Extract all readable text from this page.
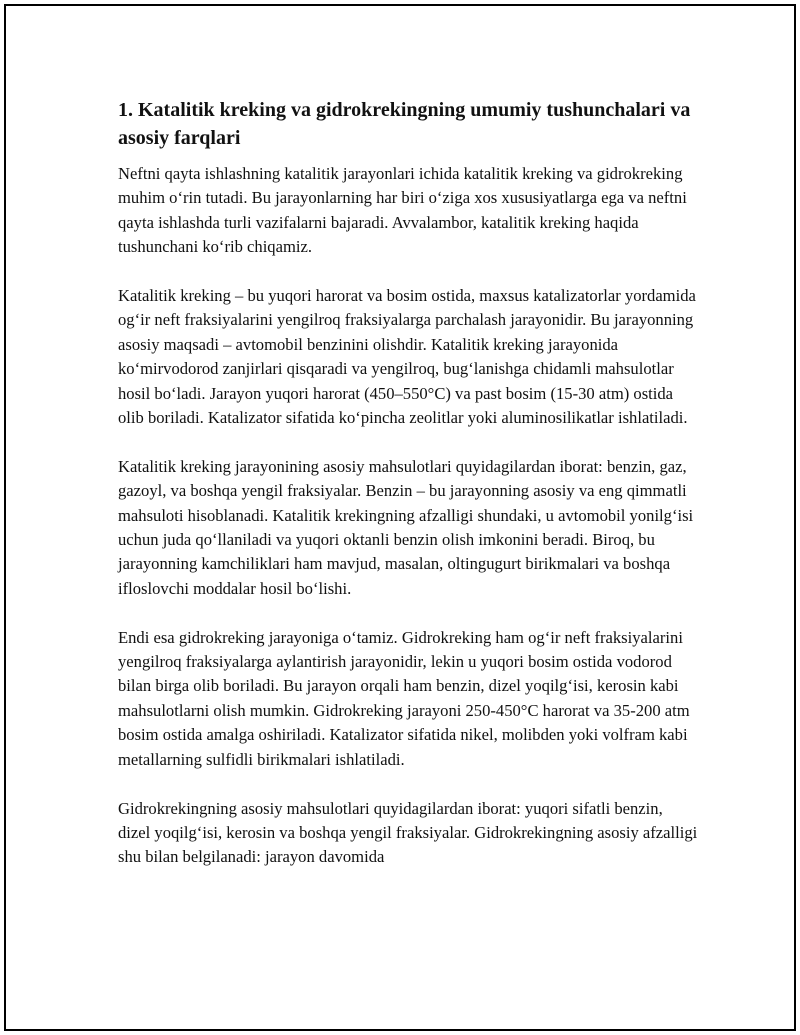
1. Katalitik kreking va gidrokrekingning umumiy tushunchalari va asosiy farqlari

Neftni qayta ishlashning katalitik jarayonlari ichida katalitik kreking va gidrokreking muhim o‘rin tutadi. Bu jarayonlarning har biri o‘ziga xos xususiyatlarga ega va neftni qayta ishlashda turli vazifalarni bajaradi. Avvalambor, katalitik kreking haqida tushunchani ko‘rib chiqamiz.

Katalitik kreking – bu yuqori harorat va bosim ostida, maxsus katalizatorlar yordamida og‘ir neft fraksiyalarini yengilroq fraksiyalarga parchalash jarayonidir. Bu jarayonning asosiy maqsadi – avtomobil benzinini olishdir. Katalitik kreking jarayonida ko‘mirvodorod zanjirlari qisqaradi va yengilroq, bug‘lanishga chidamli mahsulotlar hosil bo‘ladi. Jarayon yuqori harorat (450–550°C) va past bosim (15-30 atm) ostida olib boriladi. Katalizator sifatida ko‘pincha zeolitlar yoki aluminosilikatlar ishlatiladi.

Katalitik kreking jarayonining asosiy mahsulotlari quyidagilardan iborat: benzin, gaz, gazoyl, va boshqa yengil fraksiyalar. Benzin – bu jarayonning asosiy va eng qimmatli mahsuloti hisoblanadi. Katalitik krekingning afzalligi shundaki, u avtomobil yonilg‘isi uchun juda qo‘llaniladi va yuqori oktanli benzin olish imkonini beradi. Biroq, bu jarayonning kamchiliklari ham mavjud, masalan, oltingugurt birikmalari va boshqa ifloslovchi moddalar hosil bo‘lishi.

Endi esa gidrokreking jarayoniga o‘tamiz. Gidrokreking ham og‘ir neft fraksiyalarini yengilroq fraksiyalarga aylantirish jarayonidir, lekin u yuqori bosim ostida vodorod bilan birga olib boriladi. Bu jarayon orqali ham benzin, dizel yoqilg‘isi, kerosin kabi mahsulotlarni olish mumkin. Gidrokreking jarayoni 250-450°C harorat va 35-200 atm bosim ostida amalga oshiriladi. Katalizator sifatida nikel, molibden yoki volfram kabi metallarning sulfidli birikmalari ishlatiladi.

Gidrokrekingning asosiy mahsulotlari quyidagilardan iborat: yuqori sifatli benzin, dizel yoqilg‘isi, kerosin va boshqa yengil fraksiyalar. Gidrokrekingning asosiy afzalligi shu bilan belgilanadi: jarayon davomida
